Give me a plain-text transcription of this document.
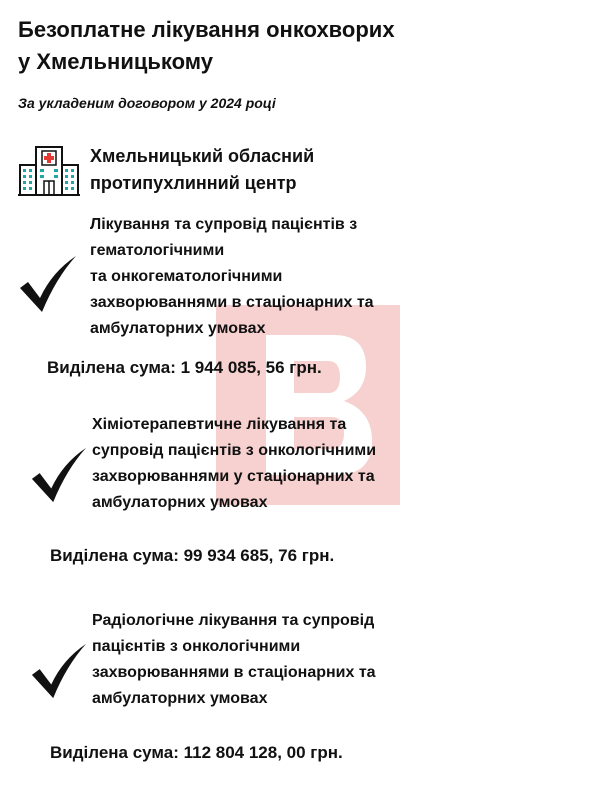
Безоплатне лікування онкохворих
у Хмельницькому

За укладеним договором у 2024 році

Хмельницький обласний
протипухлинний центр

Лікування та супровід пацієнтів з
гематологічними
та онкогематологічними
захворюваннями в стаціонарних та
амбулаторних умовах

Виділена сума: 1 944 085, 56 грн.

Хіміотерапевтичне лікування та
супровід пацієнтів з онкологічними
захворюваннями у стаціонарних та
амбулаторних умовах

Виділена сума: 99 934 685, 76 грн.

Радіологічне лікування та супровід
пацієнтів з онкологічними
захворюваннями в стаціонарних та
амбулаторних умовах

Виділена сума: 112 804 128, 00 грн.
